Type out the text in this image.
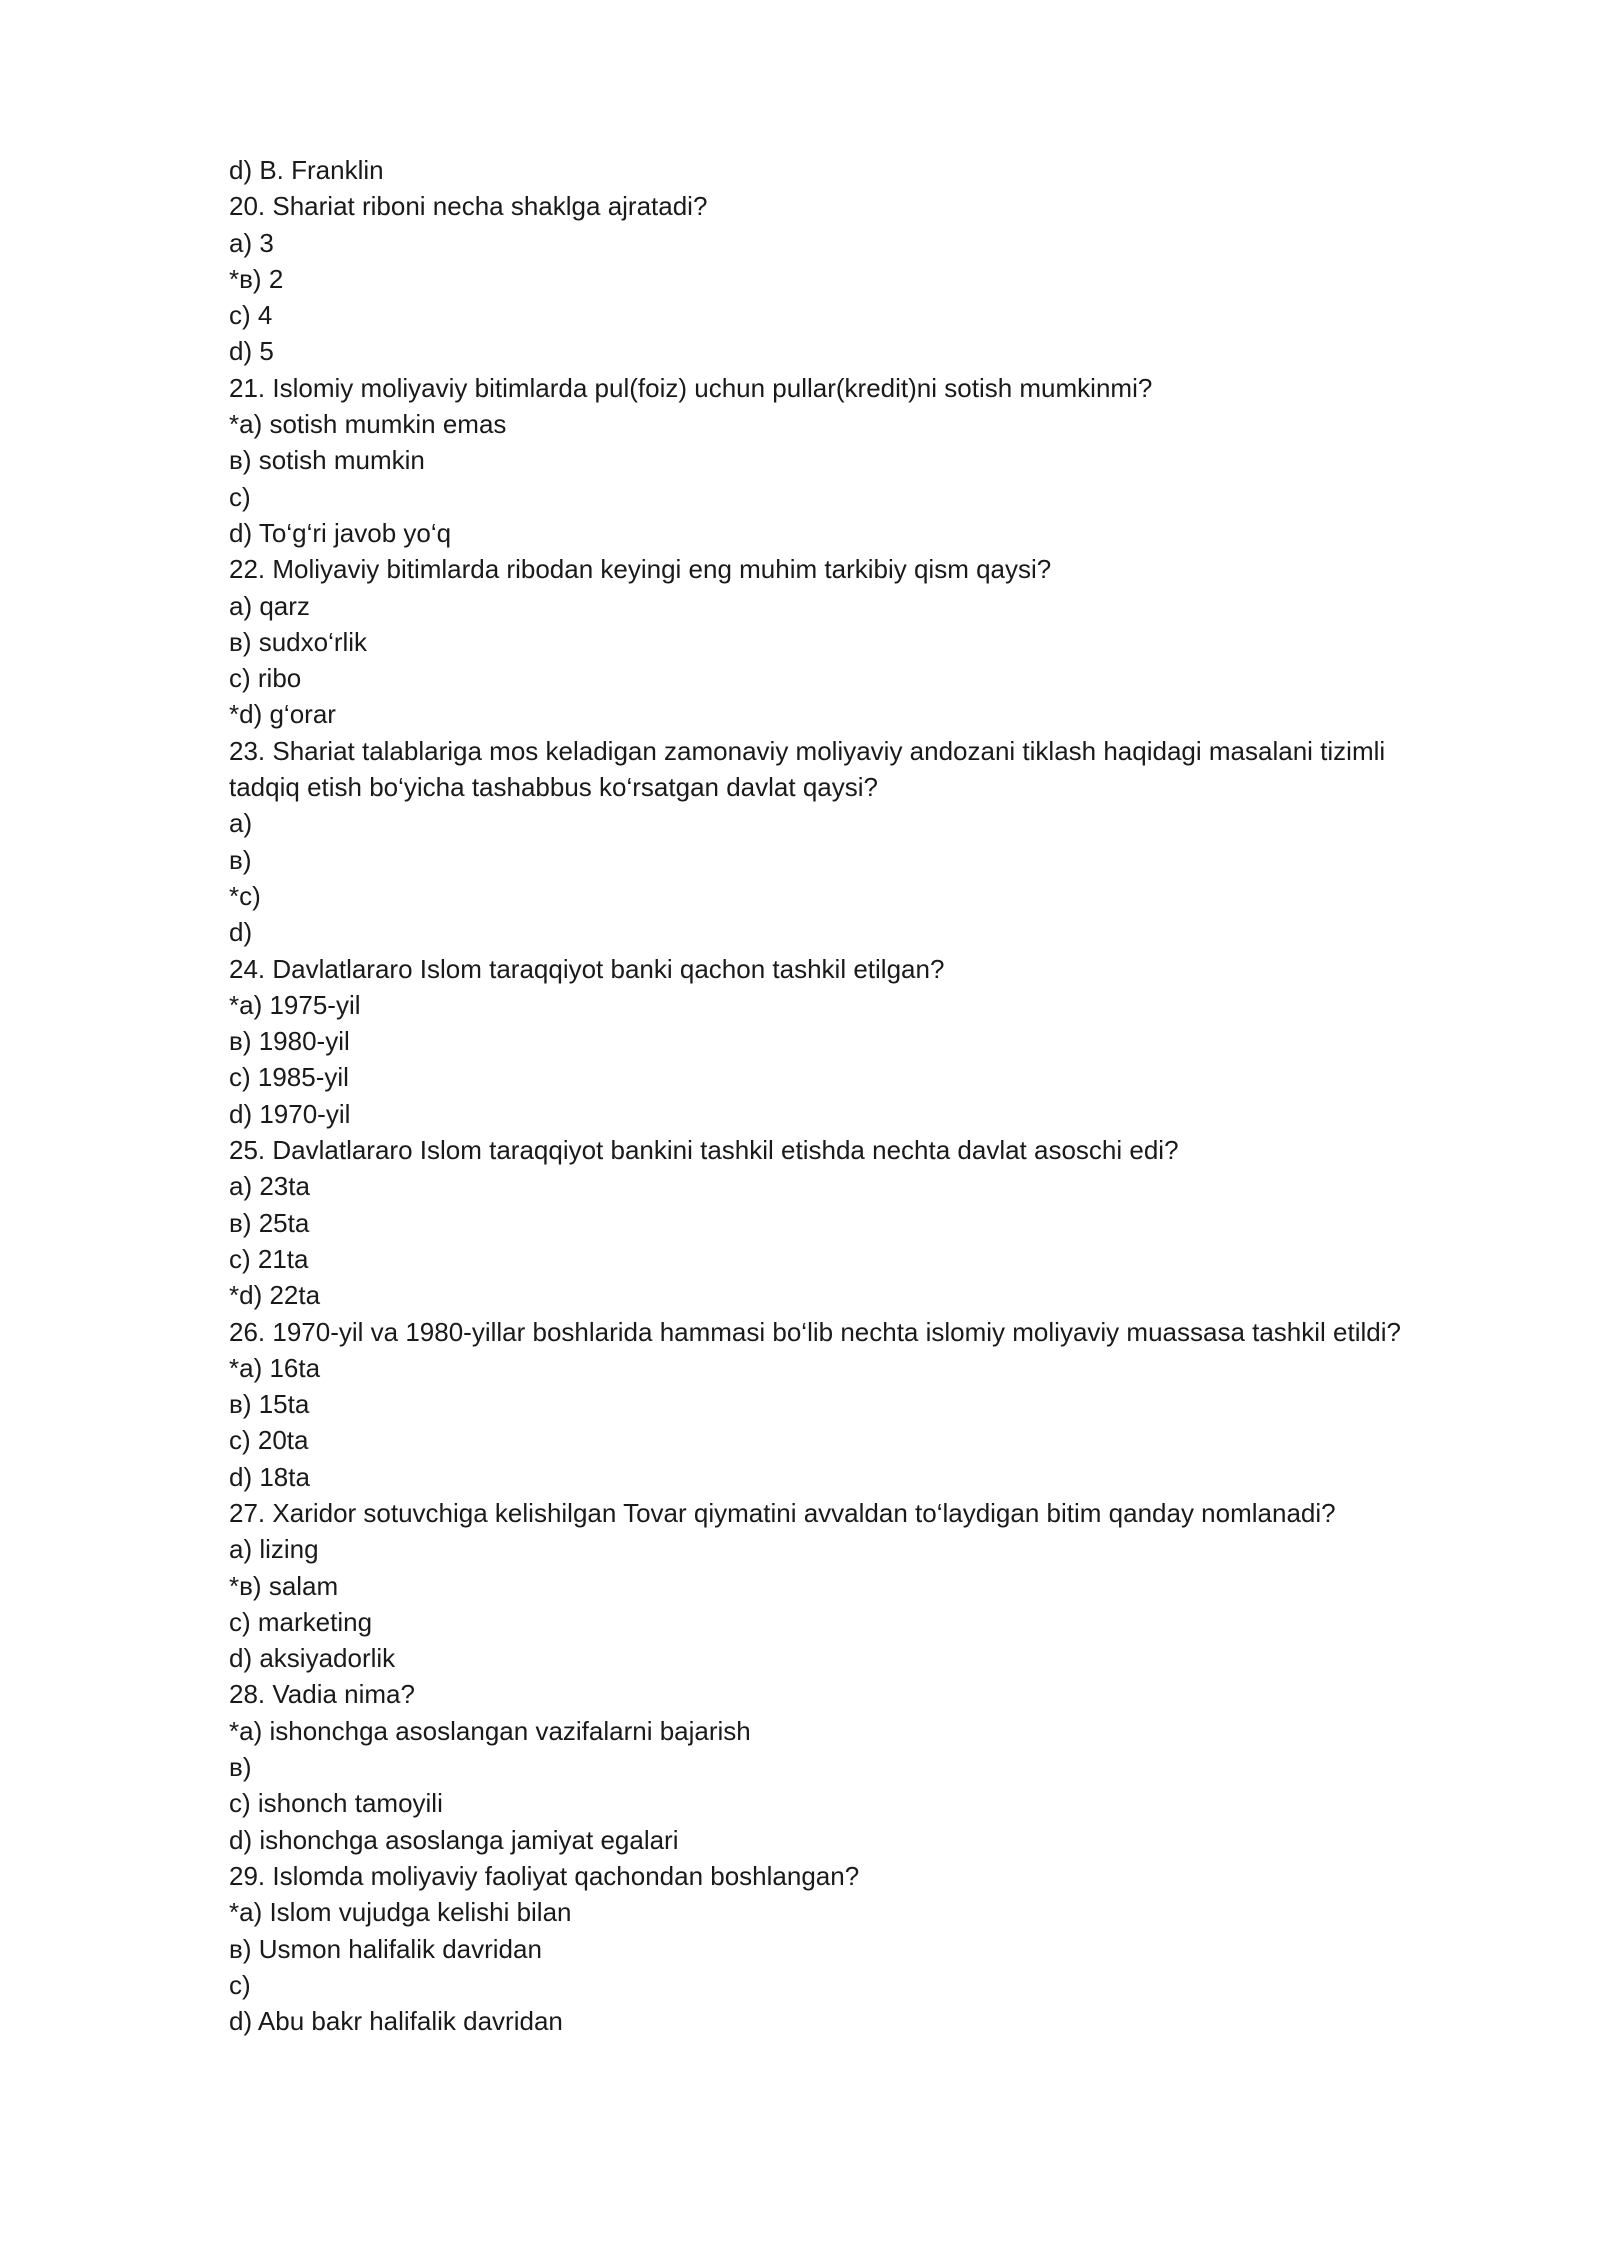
d) B. Franklin

20. Shariat riboni necha shaklga ajratadi?

a) 3

*в) 2

c) 4

d) 5

21. Islomiy moliyaviy bitimlarda pul(foiz) uchun pullar(kredit)ni sotish mumkinmi?

*a) sotish mumkin emas

в) sotish mumkin

c)

d) To‘g‘ri javob yo‘q

22. Moliyaviy bitimlarda ribodan keyingi eng muhim tarkibiy qism qaysi?

a) qarz

в) sudxo‘rlik

c) ribo

*d) g‘orar

23. Shariat talablariga mos keladigan zamonaviy moliyaviy andozani tiklash haqidagi masalani tizimli

tadqiq etish bo‘yicha tashabbus ko‘rsatgan davlat qaysi?

a)

в)

*c)

d)

24. Davlatlararo Islom taraqqiyot banki qachon tashkil etilgan?

*a) 1975-yil

в) 1980-yil

c) 1985-yil

d) 1970-yil

25. Davlatlararo Islom taraqqiyot bankini tashkil etishda nechta davlat asoschi edi?

a) 23ta

в) 25ta

c) 21ta

*d) 22ta

26. 1970-yil va 1980-yillar boshlarida hammasi bo‘lib nechta islomiy moliyaviy muassasa tashkil etildi?

*a) 16ta

в) 15ta

c) 20ta

d) 18ta

27. Xaridor sotuvchiga kelishilgan Tovar qiymatini avvaldan to‘laydigan bitim qanday nomlanadi?

a) lizing

*в) salam

c) marketing

d) aksiyadorlik

28. Vadia nima?

*a) ishonchga asoslangan vazifalarni bajarish

в)

c) ishonch tamoyili

d) ishonchga asoslanga jamiyat egalari

29. Islomda moliyaviy faoliyat qachondan boshlangan?

*a) Islom vujudga kelishi bilan

в) Usmon halifalik davridan

c)

d) Abu bakr halifalik davridan
